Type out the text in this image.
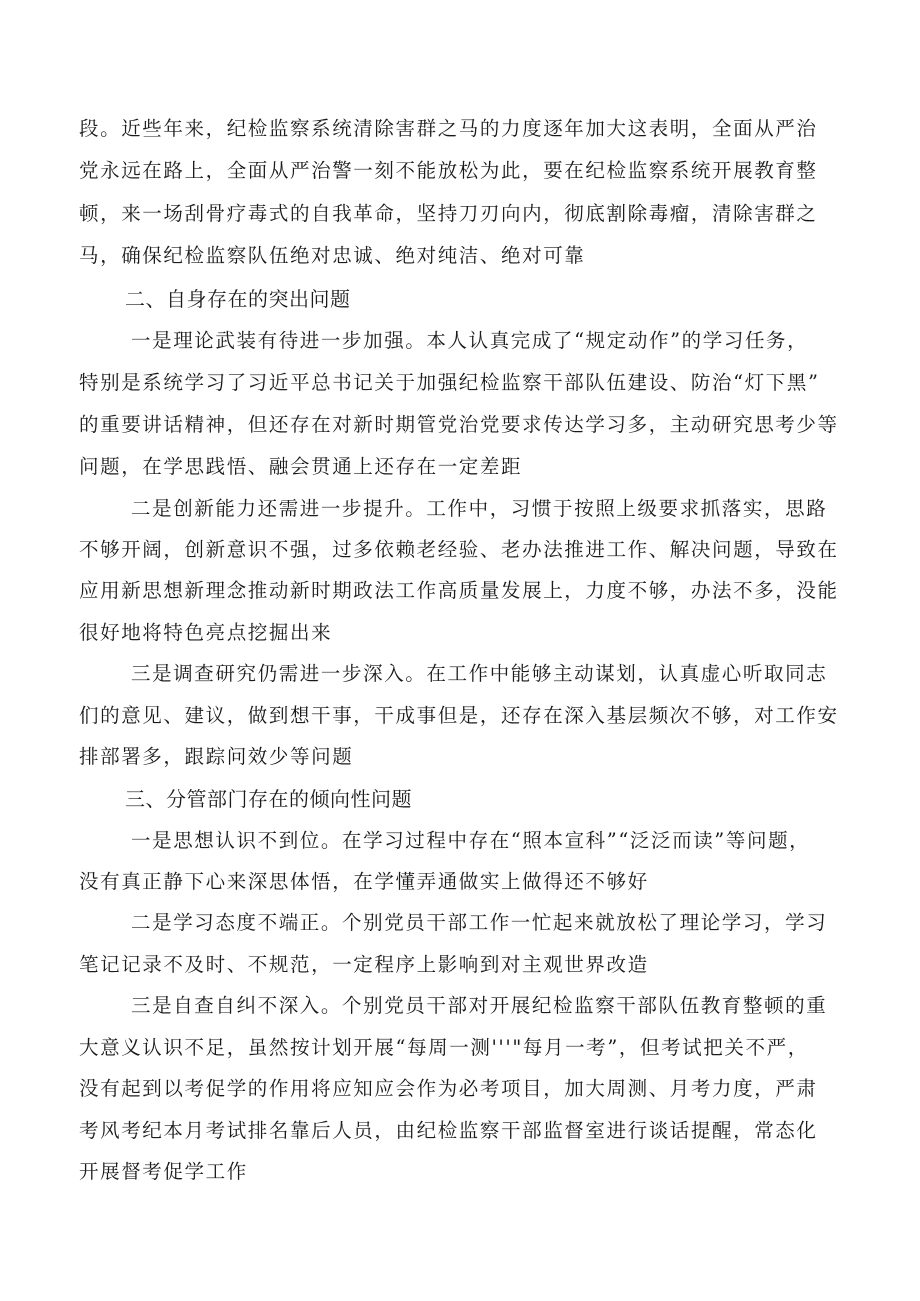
段。近些年来，纪检监察系统清除害群之马的力度逐年加大这表明，全面从严治
党永远在路上，全面从严治警一刻不能放松为此，要在纪检监察系统开展教育整
顿，来一场刮骨疗毒式的自我革命，坚持刀刃向内，彻底割除毒瘤，清除害群之
马，确保纪检监察队伍绝对忠诚、绝对纯洁、绝对可靠
二、自身存在的突出问题
一是理论武装有待进一步加强。本人认真完成了“规定动作”的学习任务，
特别是系统学习了习近平总书记关于加强纪检监察干部队伍建设、防治“灯下黑”
的重要讲话精神，但还存在对新时期管党治党要求传达学习多，主动研究思考少等
问题，在学思践悟、融会贯通上还存在一定差距
二是创新能力还需进一步提升。工作中，习惯于按照上级要求抓落实，思路
不够开阔，创新意识不强，过多依赖老经验、老办法推进工作、解决问题，导致在
应用新思想新理念推动新时期政法工作高质量发展上，力度不够，办法不多，没能
很好地将特色亮点挖掘出来
三是调查研究仍需进一步深入。在工作中能够主动谋划，认真虚心听取同志
们的意见、建议，做到想干事，干成事但是，还存在深入基层频次不够，对工作安
排部署多，跟踪问效少等问题
三、分管部门存在的倾向性问题
一是思想认识不到位。在学习过程中存在“照本宣科”“泛泛而读”等问题，
没有真正静下心来深思体悟，在学懂弄通做实上做得还不够好
二是学习态度不端正。个别党员干部工作一忙起来就放松了理论学习，学习
笔记记录不及时、不规范，一定程序上影响到对主观世界改造
三是自查自纠不深入。个别党员干部对开展纪检监察干部队伍教育整顿的重
大意义认识不足，虽然按计划开展“每周一测'''"每月一考”，但考试把关不严，
没有起到以考促学的作用将应知应会作为必考项目，加大周测、月考力度，严肃
考风考纪本月考试排名靠后人员，由纪检监察干部监督室进行谈话提醒，常态化
开展督考促学工作
